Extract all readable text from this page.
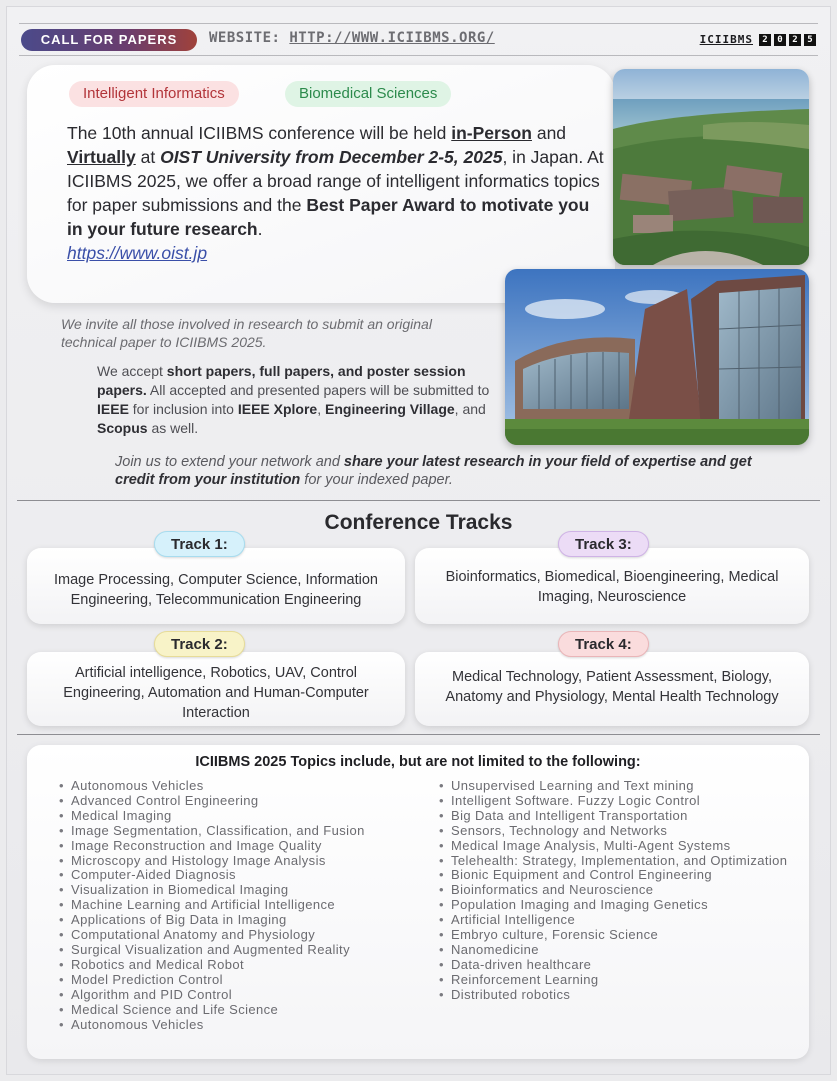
CALL FOR PAPERS	WEBSITE: HTTP://WWW.ICIIBMS.ORG/	ICIIBMS	2	0	2	5
Intelligent Informatics	Biomedical Sciences
The 10th annual ICIIBMS conference will be held in-Person and Virtually at OIST University from December 2-5, 2025, in Japan. At ICIIBMS 2025, we offer a broad range of intelligent informatics topics for paper submissions and the Best Paper Award to motivate you in your future research.
https://www.oist.jp
We invite all those involved in research to submit an original technical paper to ICIIBMS 2025.
We accept short papers, full papers, and poster session papers. All accepted and presented papers will be submitted to IEEE for inclusion into IEEE Xplore, Engineering Village, and Scopus as well.
Join us to extend your network and share your latest research in your field of expertise and get credit from your institution for your indexed paper.
Conference Tracks
Image Processing, Computer Science, Information Engineering, Telecommunication Engineering
Bioinformatics, Biomedical, Bioengineering, Medical Imaging, Neuroscience
Artificial intelligence, Robotics, UAV, Control Engineering, Automation and Human-Computer Interaction
Medical Technology, Patient Assessment, Biology, Anatomy and Physiology, Mental Health Technology
Track 1:	Track 3:
Track 2:	Track 4:
ICIIBMS 2025 Topics include, but are not limited to the following:
• Autonomous Vehicles
• Advanced Control Engineering
• Medical Imaging
• Image Segmentation, Classification, and Fusion
• Image Reconstruction and Image Quality
• Microscopy and Histology Image Analysis
• Computer-Aided Diagnosis
• Visualization in Biomedical Imaging
• Machine Learning and Artificial Intelligence
• Applications of Big Data in Imaging
• Computational Anatomy and Physiology
• Surgical Visualization and Augmented Reality
• Robotics and Medical Robot
• Model Prediction Control
• Algorithm and PID Control
• Medical Science and Life Science
• Autonomous Vehicles
• Unsupervised Learning and Text mining
• Intelligent Software. Fuzzy Logic Control
• Big Data and Intelligent Transportation
• Sensors, Technology and Networks
• Medical Image Analysis, Multi-Agent Systems
• Telehealth: Strategy, Implementation, and Optimization
• Bionic Equipment and Control Engineering
• Bioinformatics and Neuroscience
• Population Imaging and Imaging Genetics
• Artificial Intelligence
• Embryo culture, Forensic Science
• Nanomedicine
• Data-driven healthcare
• Reinforcement Learning
• Distributed robotics
